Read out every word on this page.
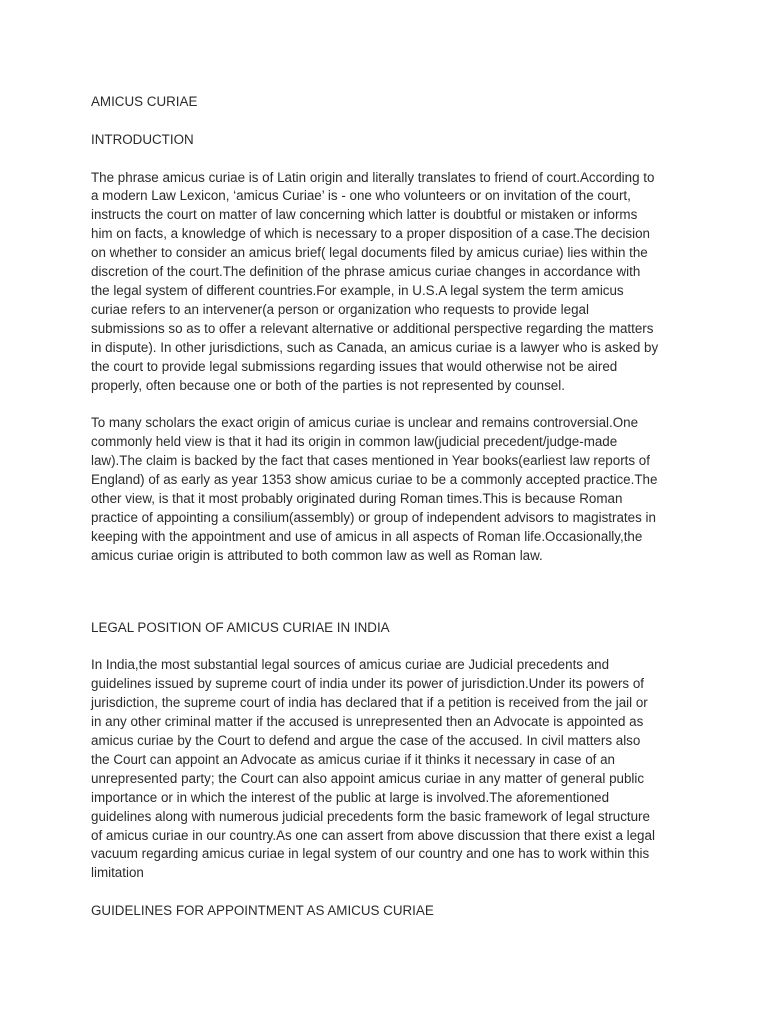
AMICUS CURIAE

INTRODUCTION

The phrase amicus curiae is of Latin origin and literally translates to friend of court.According to
a modern Law Lexicon, ‘amicus Curiae’ is - one who volunteers or on invitation of the court,
instructs the court on matter of law concerning which latter is doubtful or mistaken or informs
him on facts, a knowledge of which is necessary to a proper disposition of a case.The decision
on whether to consider an amicus brief( legal documents filed by amicus curiae) lies within the
discretion of the court.The definition of the phrase amicus curiae changes in accordance with
the legal system of different countries.For example, in U.S.A legal system the term amicus
curiae refers to an intervener(a person or organization who requests to provide legal
submissions so as to offer a relevant alternative or additional perspective regarding the matters
in dispute). In other jurisdictions, such as Canada, an amicus curiae is a lawyer who is asked by
the court to provide legal submissions regarding issues that would otherwise not be aired
properly, often because one or both of the parties is not represented by counsel.

To many scholars the exact origin of amicus curiae is unclear and remains controversial.One
commonly held view is that it had its origin in common law(judicial precedent/judge-made
law).The claim is backed by the fact that cases mentioned in Year books(earliest law reports of
England) of as early as year 1353 show amicus curiae to be a commonly accepted practice.The
other view, is that it most probably originated during Roman times.This is because Roman
practice of appointing a consilium(assembly) or group of independent advisors to magistrates in
keeping with the appointment and use of amicus in all aspects of Roman life.Occasionally,the
amicus curiae origin is attributed to both common law as well as Roman law.

LEGAL POSITION OF AMICUS CURIAE IN INDIA

In India,the most substantial legal sources of amicus curiae are Judicial precedents and
guidelines issued by supreme court of india under its power of jurisdiction.Under its powers of
jurisdiction, the supreme court of india has declared that if a petition is received from the jail or
in any other criminal matter if the accused is unrepresented then an Advocate is appointed as
amicus curiae by the Court to defend and argue the case of the accused. In civil matters also
the Court can appoint an Advocate as amicus curiae if it thinks it necessary in case of an
unrepresented party; the Court can also appoint amicus curiae in any matter of general public
importance or in which the interest of the public at large is involved.The aforementioned
guidelines along with numerous judicial precedents form the basic framework of legal structure
of amicus curiae in our country.As one can assert from above discussion that there exist a legal
vacuum regarding amicus curiae in legal system of our country and one has to work within this
limitation

GUIDELINES FOR APPOINTMENT AS AMICUS CURIAE
